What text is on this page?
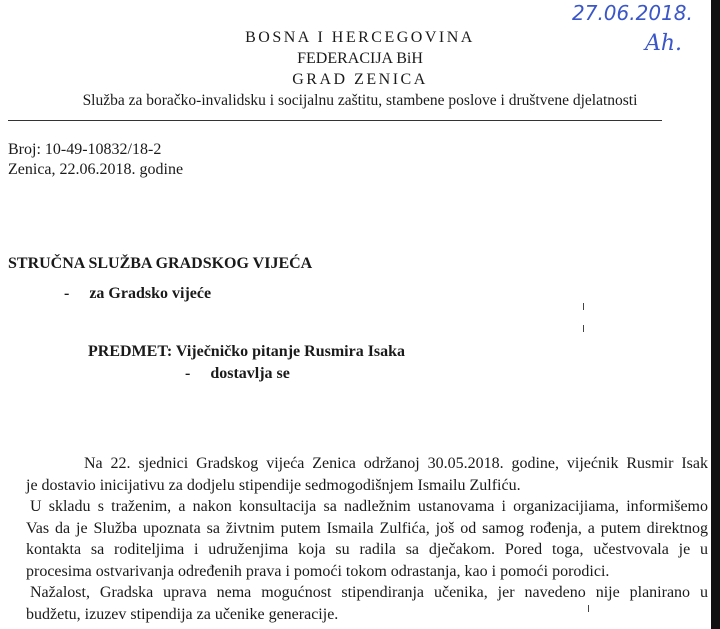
BOSNA I HERCEGOVINA
FEDERACIJA BiH
GRAD ZENICA
Služba za boračko-invalidsku i socijalnu zaštitu, stambene poslove i društvene djelatnosti
27.06.2018.
Ah.
Broj: 10-49-10832/18-2
Zenica, 22.06.2018. godine
STRUČNA SLUŽBA GRADSKOG VIJEĆA
-     za Gradsko vijeće
PREDMET: Viječničko pitanje Rusmira Isaka
-     dostavlja se
Na 22. sjednici Gradskog vijeća Zenica održanoj 30.05.2018. godine, vijećnik Rusmir Isak
je dostavio inicijativu za dodjelu stipendije sedmogodišnjem Ismailu Zulfiću.
U skladu s traženim, a nakon konsultacija sa nadležnim ustanovama i organizacijiama, informišemo
Vas da je Služba upoznata sa živtnim putem Ismaila Zulfića, još od samog rođenja, a putem direktnog
kontakta sa roditeljima i udruženjima koja su radila sa dječakom. Pored toga, učestvovala je u
procesima ostvarivanja određenih prava i pomoći tokom odrastanja, kao i pomoći porodici.
Nažalost, Gradska uprava nema mogućnost stipendiranja učenika, jer navedeno nije planirano u
budžetu, izuzev stipendija za učenike generacije.
